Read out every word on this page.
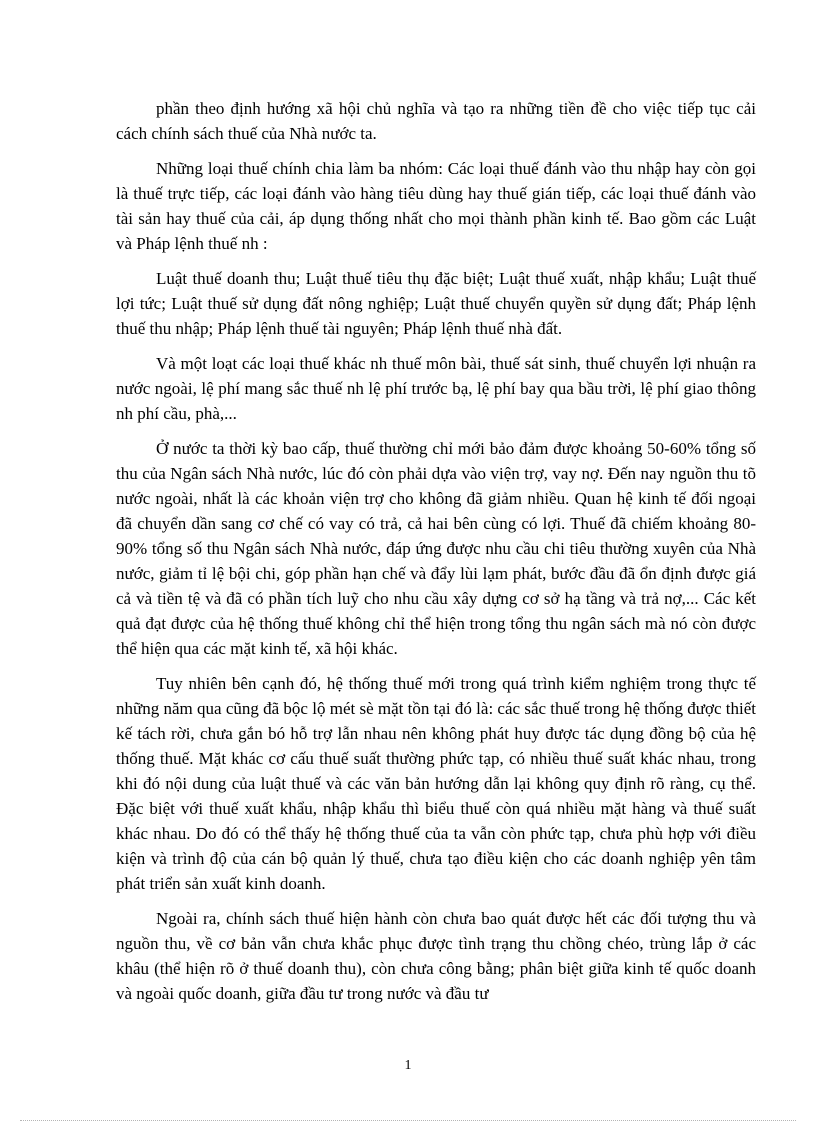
phần theo định hướng xã hội chủ nghĩa và tạo ra những tiền đề cho việc tiếp tục cải cách chính sách thuế của Nhà nước ta.

Những loại thuế chính chia làm ba nhóm: Các loại thuế đánh vào thu nhập hay còn gọi là thuế trực tiếp, các loại đánh vào hàng tiêu dùng hay thuế gián tiếp, các loại thuế đánh vào tài sản hay thuế của cải, áp dụng thống nhất cho mọi thành phần kinh tế. Bao gồm các Luật và Pháp lệnh thuế nh :

Luật thuế doanh thu; Luật thuế tiêu thụ đặc biệt; Luật thuế xuất, nhập khẩu; Luật thuế lợi tức; Luật thuế sử dụng đất nông nghiệp; Luật thuế chuyển quyền sử dụng đất; Pháp lệnh thuế thu nhập; Pháp lệnh thuế tài nguyên; Pháp lệnh thuế nhà đất.

Và một loạt các loại thuế khác nh thuế môn bài, thuế sát sinh, thuế chuyển lợi nhuận ra nước ngoài, lệ phí mang sắc thuế nh lệ phí trước bạ, lệ phí bay qua bầu trời, lệ phí giao thông nh phí cầu, phà,...

Ở nước ta thời kỳ bao cấp, thuế thường chỉ mới bảo đảm được khoảng 50-60% tổng số thu của Ngân sách Nhà nước, lúc đó còn phải dựa vào viện trợ, vay nợ. Đến nay nguồn thu tõ nước ngoài, nhất là các khoản viện trợ cho không đã giảm nhiều. Quan hệ kinh tế đối ngoại đã chuyển dần sang cơ chế có vay có trả, cả hai bên cùng có lợi. Thuế đã chiếm khoảng 80-90% tổng số thu Ngân sách Nhà nước, đáp ứng được nhu cầu chi tiêu thường xuyên của Nhà nước, giảm tỉ lệ bội chi, góp phần hạn chế và đẩy lùi lạm phát, bước đầu đã ổn định được giá cả và tiền tệ và đã có phần tích luỹ cho nhu cầu xây dựng cơ sở hạ tầng và trả nợ,... Các kết quả đạt được của hệ thống thuế không chỉ thể hiện trong tổng thu ngân sách mà nó còn được thể hiện qua các mặt kinh tế, xã hội khác.

Tuy nhiên bên cạnh đó, hệ thống thuế mới trong quá trình kiểm nghiệm trong thực tế những năm qua cũng đã bộc lộ mét sè mặt tồn tại đó là: các sắc thuế trong hệ thống được thiết kế tách rời, chưa gắn bó hỗ trợ lẫn nhau nên không phát huy được tác dụng đồng bộ của hệ thống thuế. Mặt khác cơ cấu thuế suất thường phức tạp, có nhiều thuế suất khác nhau, trong khi đó nội dung của luật thuế và các văn bản hướng dẫn lại không quy định rõ ràng, cụ thể. Đặc biệt với thuế xuất khẩu, nhập khẩu thì biểu thuế còn quá nhiều mặt hàng và thuế suất khác nhau. Do đó có thể thấy hệ thống thuế của ta vẫn còn phức tạp, chưa phù hợp với điều kiện và trình độ của cán bộ quản lý thuế, chưa tạo điều kiện cho các doanh nghiệp yên tâm phát triển sản xuất kinh doanh.

Ngoài ra, chính sách thuế hiện hành còn chưa bao quát được hết các đối tượng thu và nguồn thu, về cơ bản vẫn chưa khắc phục được tình trạng thu chồng chéo, trùng lắp ở các khâu (thể hiện rõ ở thuế doanh thu), còn chưa công bằng; phân biệt giữa kinh tế quốc doanh và ngoài quốc doanh, giữa đầu tư trong nước và đầu tư

1
